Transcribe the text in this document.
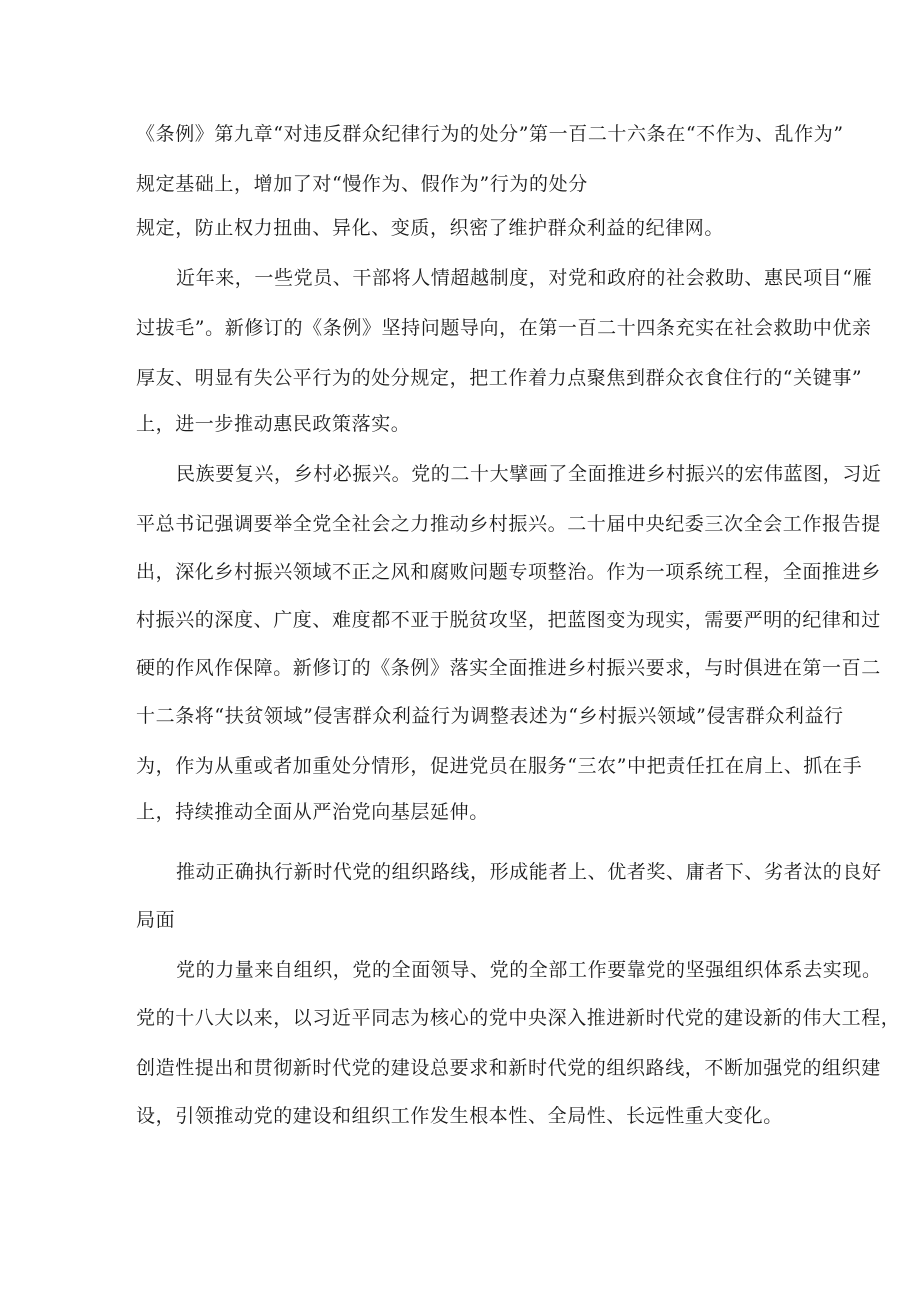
《条例》第九章“对违反群众纪律行为的处分”第一百二十六条在“不作为、乱作为”
规定基础上，增加了对“慢作为、假作为”行为的处分
规定，防止权力扭曲、异化、变质，织密了维护群众利益的纪律网。
近年来，一些党员、干部将人情超越制度，对党和政府的社会救助、惠民项目“雁
过拔毛”。新修订的《条例》坚持问题导向，在第一百二十四条充实在社会救助中优亲
厚友、明显有失公平行为的处分规定，把工作着力点聚焦到群众衣食住行的“关键事”
上，进一步推动惠民政策落实。
民族要复兴，乡村必振兴。党的二十大擘画了全面推进乡村振兴的宏伟蓝图，习近
平总书记强调要举全党全社会之力推动乡村振兴。二十届中央纪委三次全会工作报告提
出，深化乡村振兴领域不正之风和腐败问题专项整治。作为一项系统工程，全面推进乡
村振兴的深度、广度、难度都不亚于脱贫攻坚，把蓝图变为现实，需要严明的纪律和过
硬的作风作保障。新修订的《条例》落实全面推进乡村振兴要求，与时俱进在第一百二
十二条将“扶贫领域”侵害群众利益行为调整表述为“乡村振兴领域”侵害群众利益行
为，作为从重或者加重处分情形，促进党员在服务“三农”中把责任扛在肩上、抓在手
上，持续推动全面从严治党向基层延伸。
推动正确执行新时代党的组织路线，形成能者上、优者奖、庸者下、劣者汰的良好
局面
党的力量来自组织，党的全面领导、党的全部工作要靠党的坚强组织体系去实现。
党的十八大以来，以习近平同志为核心的党中央深入推进新时代党的建设新的伟大工程，
创造性提出和贯彻新时代党的建设总要求和新时代党的组织路线，不断加强党的组织建
设，引领推动党的建设和组织工作发生根本性、全局性、长远性重大变化。
